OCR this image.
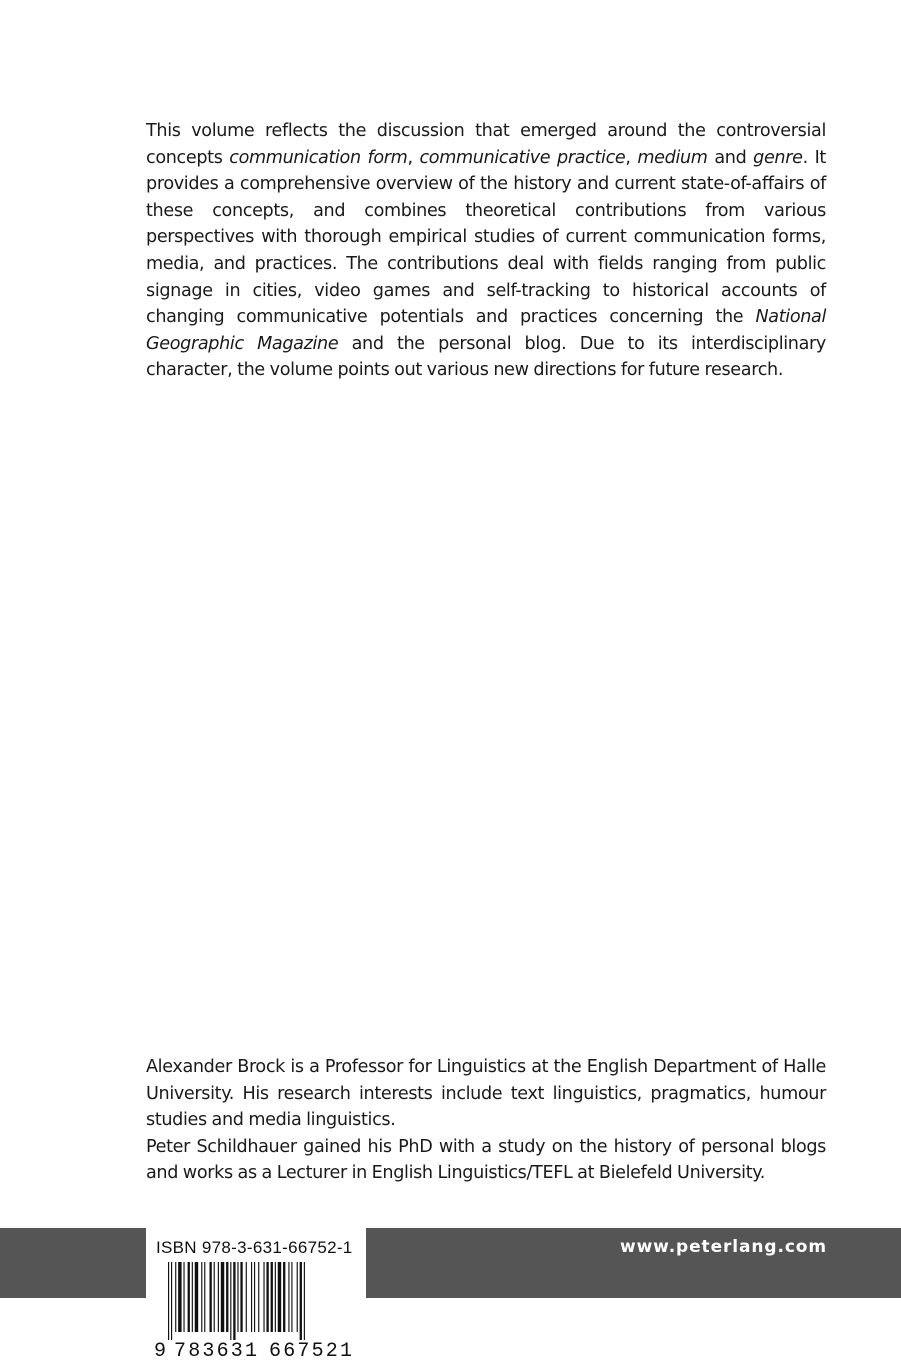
This volume reflects the discussion that emerged around the controversial concepts communication form, communicative practice, medium and genre. It provides a comprehensive overview of the history and current state-of-affairs of these concepts, and combines theoretical contributions from various perspectives with thorough empirical studies of current communication forms, media, and practices. The contributions deal with fields ranging from public signage in cities, video games and self-tracking to historical accounts of changing communicative potentials and practices concerning the National Geographic Magazine and the personal blog. Due to its interdisciplinary character, the volume points out various new directions for future research.

Alexander Brock is a Professor for Linguistics at the English Department of Halle University. His research interests include text linguistics, pragmatics, humour studies and media linguistics.

Peter Schildhauer gained his PhD with a study on the history of personal blogs and works as a Lecturer in English Linguistics/TEFL at Bielefeld University.

www.peterlang.com
9 7 8 3 6 3 1 6 6 7 5 2 1
ISBN 978-3-631-66752-1
